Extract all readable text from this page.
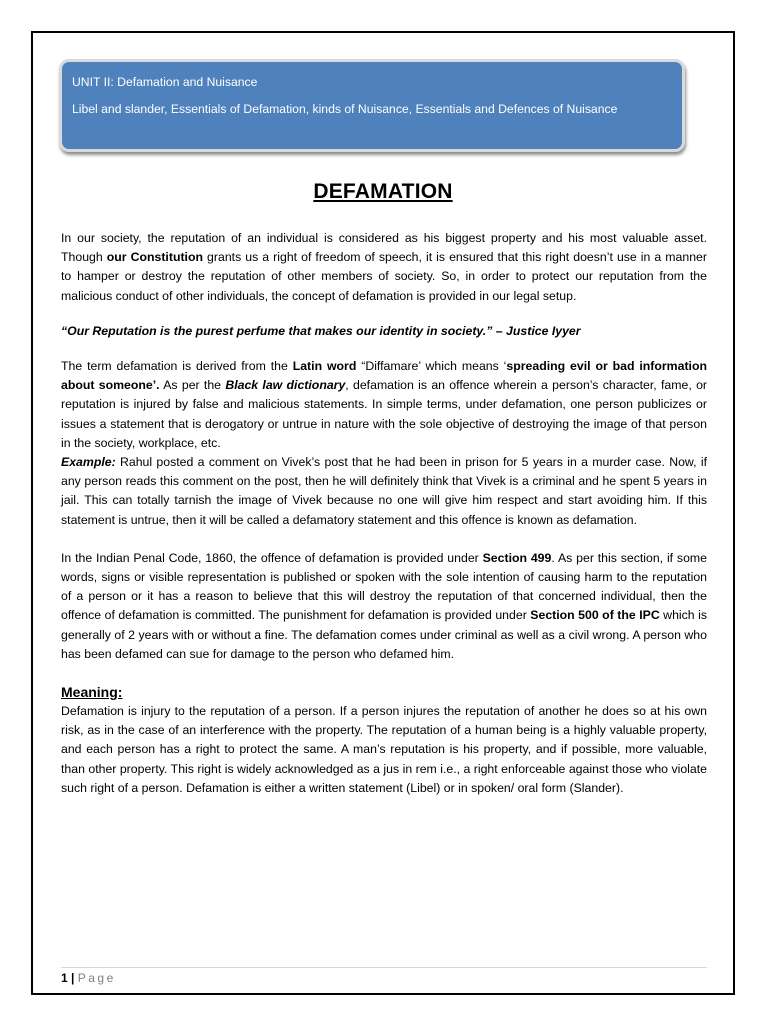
UNIT II: Defamation and Nuisance
Libel and slander, Essentials of Defamation, kinds of Nuisance, Essentials and Defences of Nuisance
DEFAMATION

In our society, the reputation of an individual is considered as his biggest property and his most valuable asset. Though our Constitution grants us a right of freedom of speech, it is ensured that this right doesn’t use in a manner to hamper or destroy the reputation of other members of society. So, in order to protect our reputation from the malicious conduct of other individuals, the concept of defamation is provided in our legal setup.

“Our Reputation is the purest perfume that makes our identity in society.” – Justice Iyyer

The term defamation is derived from the Latin word “Diffamare’ which means ‘spreading evil or bad information about someone’. As per the Black law dictionary, defamation is an offence wherein a person’s character, fame, or reputation is injured by false and malicious statements. In simple terms, under defamation, one person publicizes or issues a statement that is derogatory or untrue in nature with the sole objective of destroying the image of that person in the society, workplace, etc.

Example: Rahul posted a comment on Vivek’s post that he had been in prison for 5 years in a murder case. Now, if any person reads this comment on the post, then he will definitely think that Vivek is a criminal and he spent 5 years in jail. This can totally tarnish the image of Vivek because no one will give him respect and start avoiding him. If this statement is untrue, then it will be called a defamatory statement and this offence is known as defamation.

In the Indian Penal Code, 1860, the offence of defamation is provided under Section 499. As per this section, if some words, signs or visible representation is published or spoken with the sole intention of causing harm to the reputation of a person or it has a reason to believe that this will destroy the reputation of that concerned individual, then the offence of defamation is committed. The punishment for defamation is provided under Section 500 of the IPC which is generally of 2 years with or without a fine. The defamation comes under criminal as well as a civil wrong. A person who has been defamed can sue for damage to the person who defamed him.

Meaning:

Defamation is injury to the reputation of a person. If a person injures the reputation of another he does so at his own risk, as in the case of an interference with the property. The reputation of a human being is a highly valuable property, and each person has a right to protect the same. A man’s reputation is his property, and if possible, more valuable, than other property. This right is widely acknowledged as a jus in rem i.e., a right enforceable against those who violate such right of a person. Defamation is either a written statement (Libel) or in spoken/ oral form (Slander).

1 | Page
